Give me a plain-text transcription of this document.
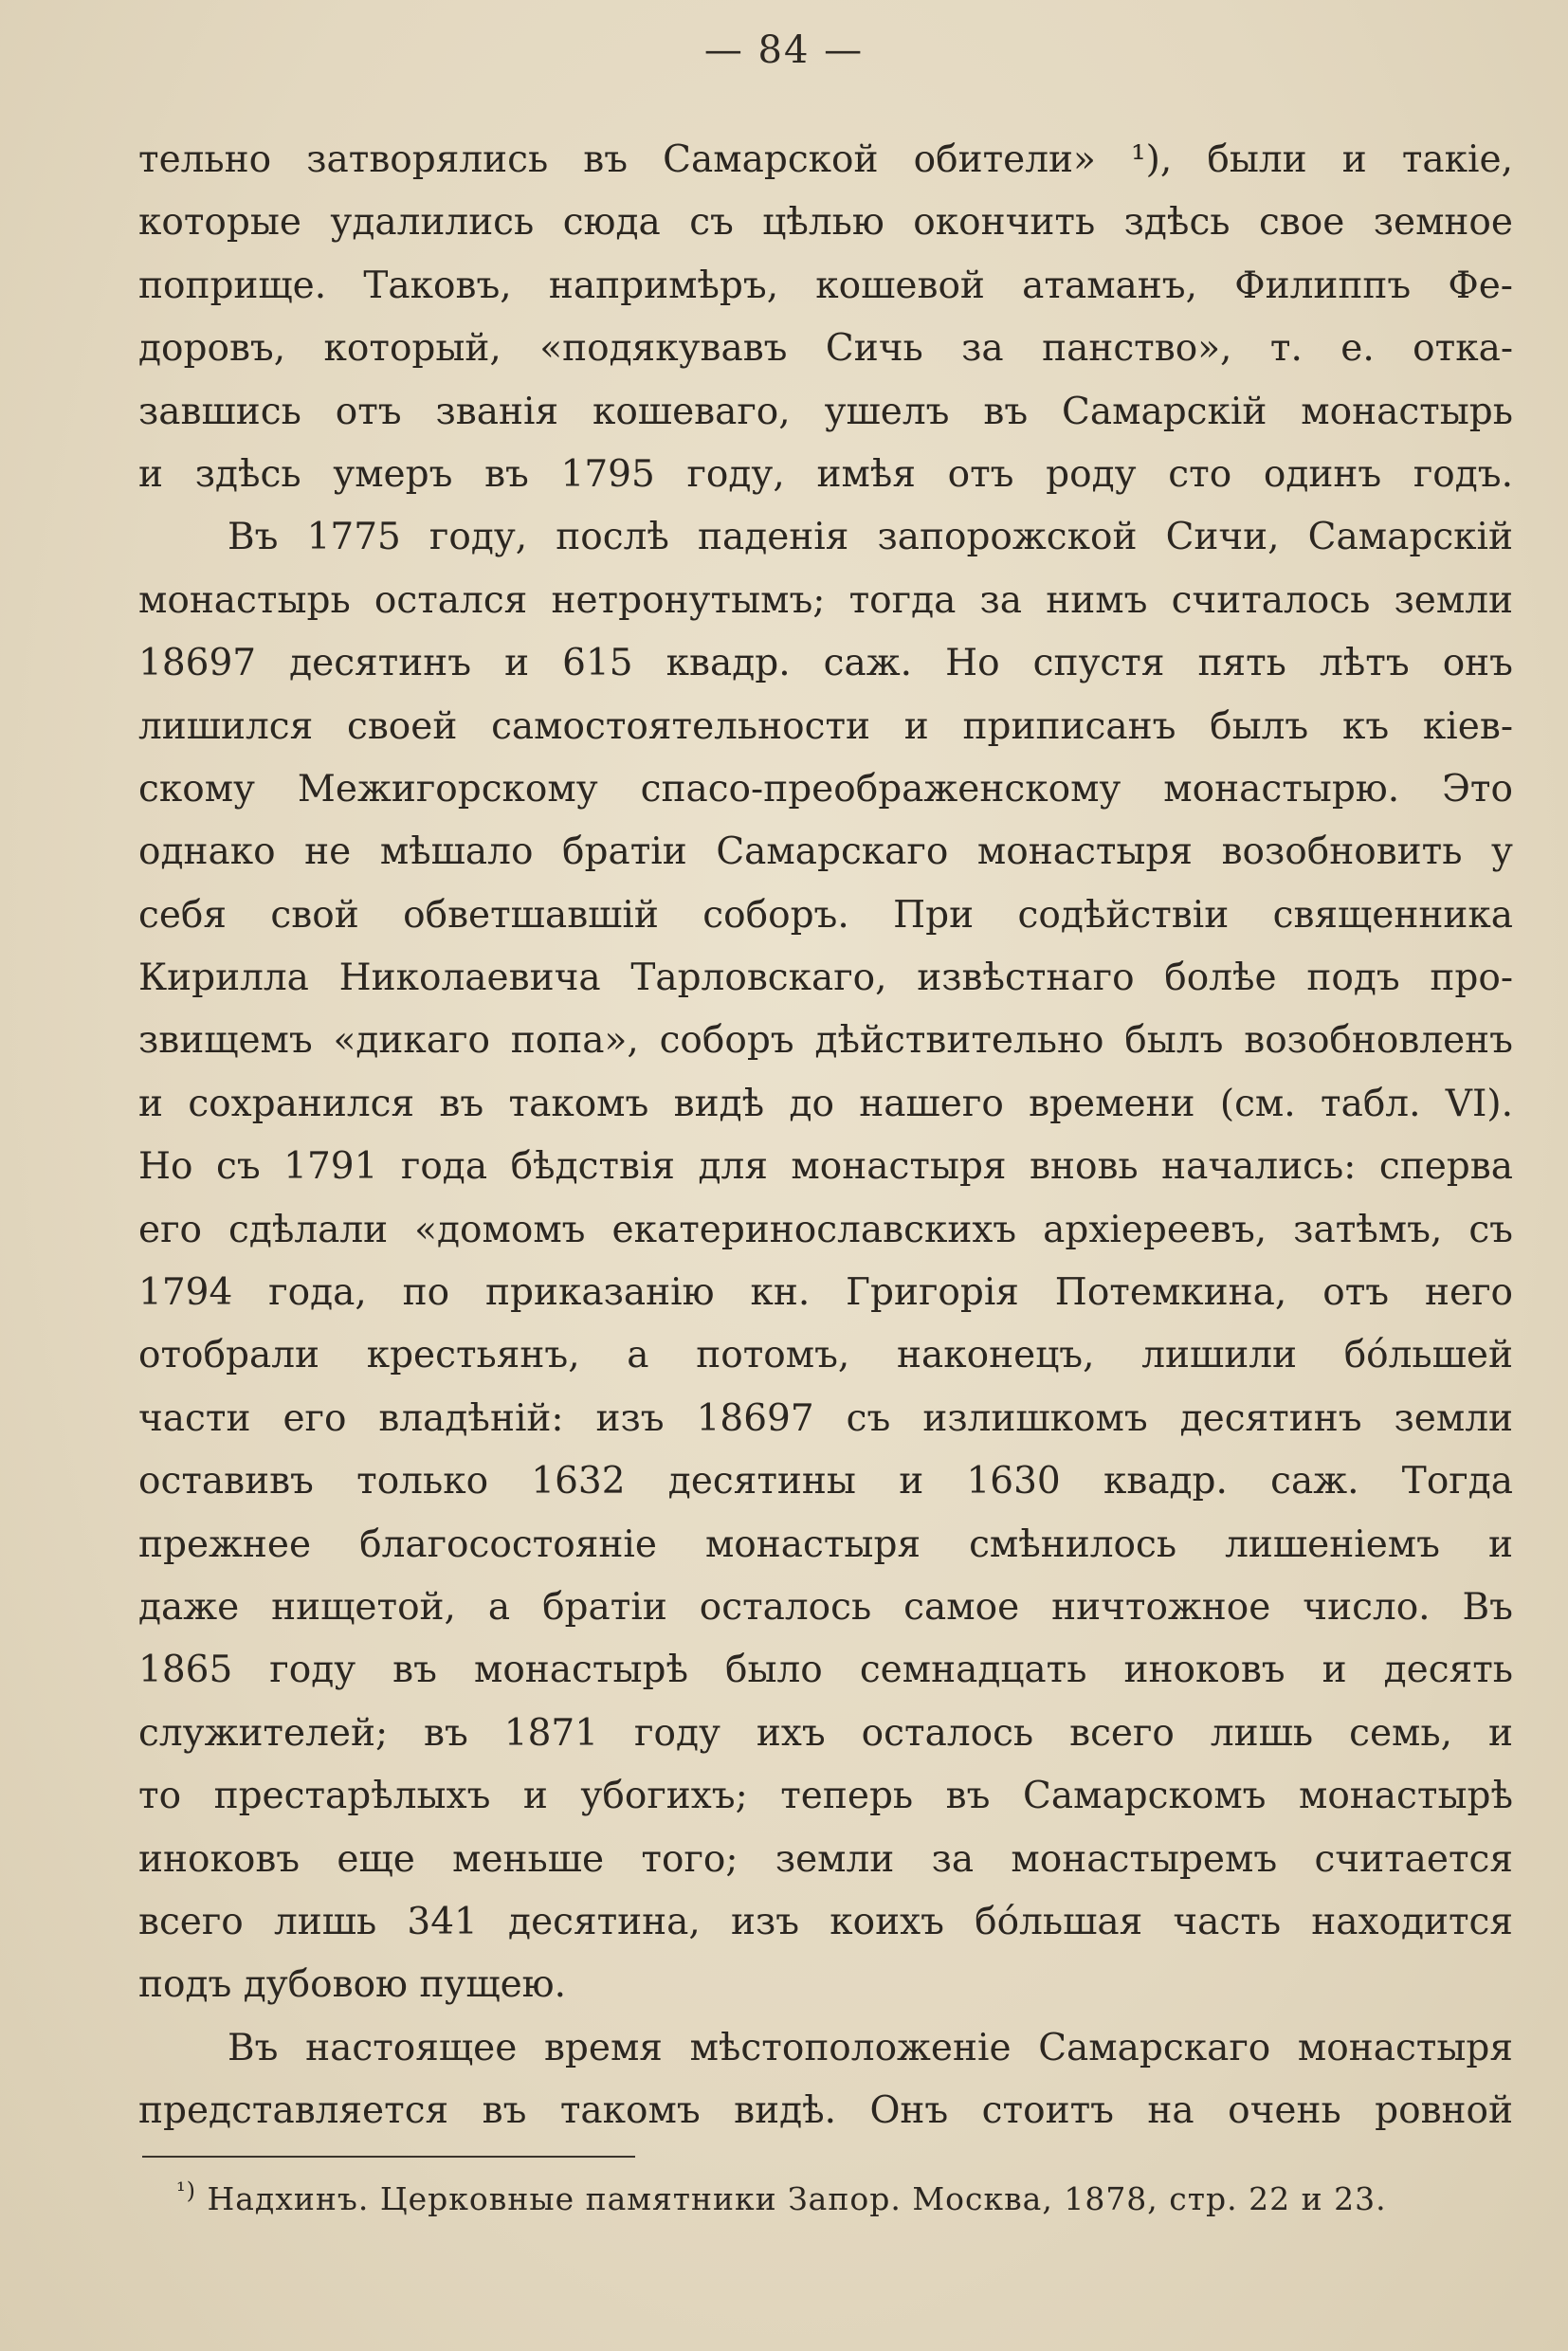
— 84 —
тельно затворялись въ Самарской обители» ¹), были и такіе,
которые удалились сюда съ цѣлью окончить здѣсь свое земное
поприще. Таковъ, напримѣръ, кошевой атаманъ, Филиппъ Фе-
доровъ, который, «подякувавъ Сичь за панство», т. е. отка-
завшись отъ званія кошеваго, ушелъ въ Самарскій монастырь
и здѣсь умеръ въ 1795 году, имѣя отъ роду сто одинъ годъ.
Въ 1775 году, послѣ паденія запорожской Сичи, Самарскій
монастырь остался нетронутымъ; тогда за нимъ считалось земли
18697 десятинъ и 615 квадр. саж. Но спустя пять лѣтъ онъ
лишился своей самостоятельности и приписанъ былъ къ кiев-
скому Межигорскому спасо-преображенскому монастырю. Это
однако не мѣшало братiи Самарскаго монастыря возобновить у
себя свой обветшавшій соборъ. При содѣйствіи священника
Кирилла Николаевича Тарловскаго, извѣстнаго болѣе подъ про-
звищемъ «дикаго попа», соборъ дѣйствительно былъ возобновленъ
и сохранился въ такомъ видѣ до нашего времени (см. табл. VI).
Но съ 1791 года бѣдствія для монастыря вновь начались: сперва
его сдѣлали «домомъ екатеринославскихъ архіереевъ, затѣмъ, съ
1794 года, по приказанію кн. Григорія Потемкина, отъ него
отобрали крестьянъ, а потомъ, наконецъ, лишили бо́льшей
части его владѣній: изъ 18697 съ излишкомъ десятинъ земли
оставивъ только 1632 десятины и 1630 квадр. саж. Тогда
прежнее благосостояніе монастыря смѣнилось лишеніемъ и
даже нищетой, а братіи осталось самое ничтожное число. Въ
1865 году въ монастырѣ было семнадцать иноковъ и десять
служителей; въ 1871 году ихъ осталось всего лишь семь, и
то престарѣлыхъ и убогихъ; теперь въ Самарскомъ монастырѣ
иноковъ еще меньше того; земли за монастыремъ считается
всего лишь 341 десятина, изъ коихъ бо́льшая часть находится
подъ дубовою пущею.
Въ настоящее время мѣстоположеніе Самарскаго монастыря
представляется въ такомъ видѣ. Онъ стоитъ на очень ровной
$^{^1)}$ Надхинъ. Церковные памятники Запор. Москва, 1878, стр. 22 и 23.
